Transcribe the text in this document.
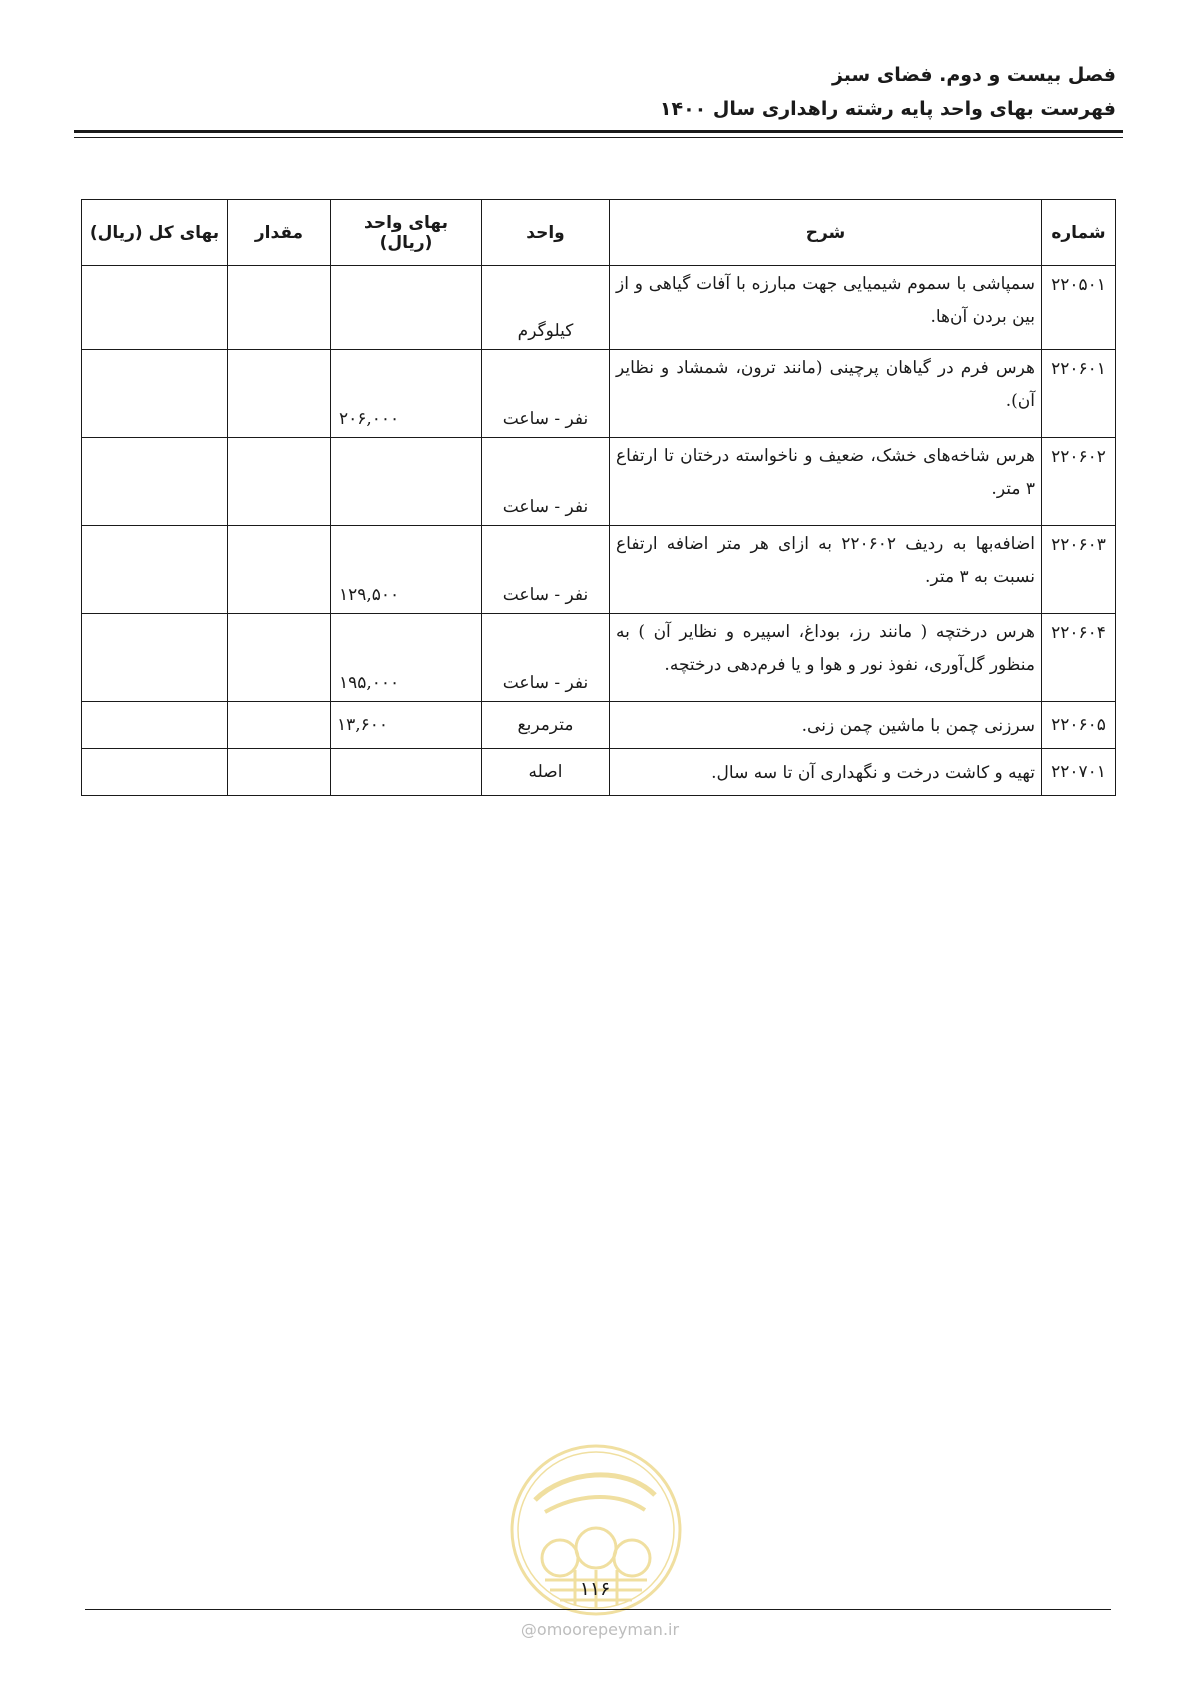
فصل بیست و دوم. فضای سبز
فهرست بهای واحد پایه رشته راهداری سال ۱۴۰۰
شماره	شرح	واحد	بهای واحد (ریال)	مقدار	بهای کل (ریال)
۲۲۰۵۰۱	سمپاشی با سموم شیمیایی جهت مبارزه با آفات گیاهی و از بین بردن آن‌ها.	کیلوگرم			
۲۲۰۶۰۱	هرس فرم در گیاهان پرچینی (مانند ترون، شمشاد و نظایر آن).	نفر - ساعت	۲۰۶,۰۰۰		
۲۲۰۶۰۲	هرس شاخه‌های خشک، ضعیف و ناخواسته درختان تا ارتفاع ۳ متر.	نفر - ساعت			
۲۲۰۶۰۳	اضافه‌بها به ردیف ۲۲۰۶۰۲ به ازای هر متر اضافه ارتفاع نسبت به ۳ متر.	نفر - ساعت	۱۲۹,۵۰۰		
۲۲۰۶۰۴	هرس درختچه ( مانند رز، بوداغ، اسپیره و نظایر آن ) به منظور گل‌آوری، نفوذ نور و هوا و یا فرم‌دهی درختچه.	نفر - ساعت	۱۹۵,۰۰۰		
۲۲۰۶۰۵	سرزنی چمن با ماشین چمن زنی.	مترمربع	۱۳,۶۰۰		
۲۲۰۷۰۱	تهیه و کاشت درخت و نگهداری آن تا سه سال.	اصله			
۱۱۶
@omoorepeyman.ir
